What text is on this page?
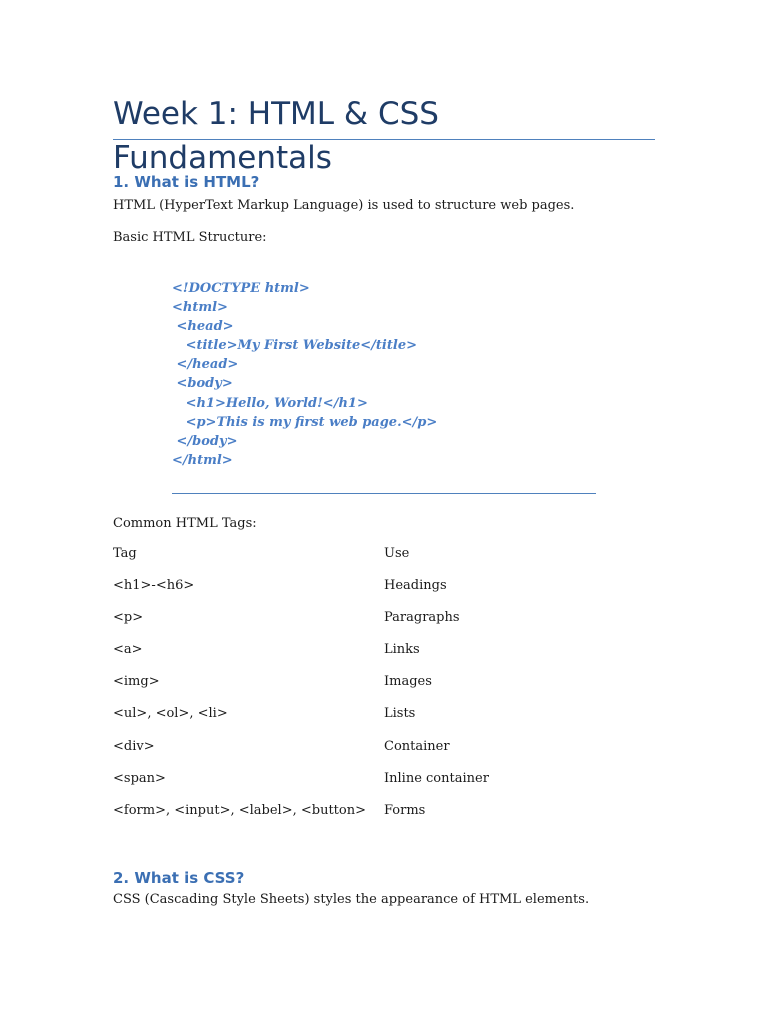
Week 1: HTML & CSS Fundamentals
1. What is HTML?

HTML (HyperText Markup Language) is used to structure web pages.

Basic HTML Structure:

<!DOCTYPE html>
<html>
<head>
<title>My First Website</title>
</head>
<body>
<h1>Hello, World!</h1>
<p>This is my first web page.</p>
</body>
</html>

Common HTML Tags:

Tag	Use
<h1>-<h6>	Headings
<p>	Paragraphs
<a>	Links
<img>	Images
<ul>, <ol>, <li>	Lists
<div>	Container
<span>	Inline container
<form>, <input>, <label>, <button> Forms
2. What is CSS?

CSS (Cascading Style Sheets) styles the appearance of HTML elements.
